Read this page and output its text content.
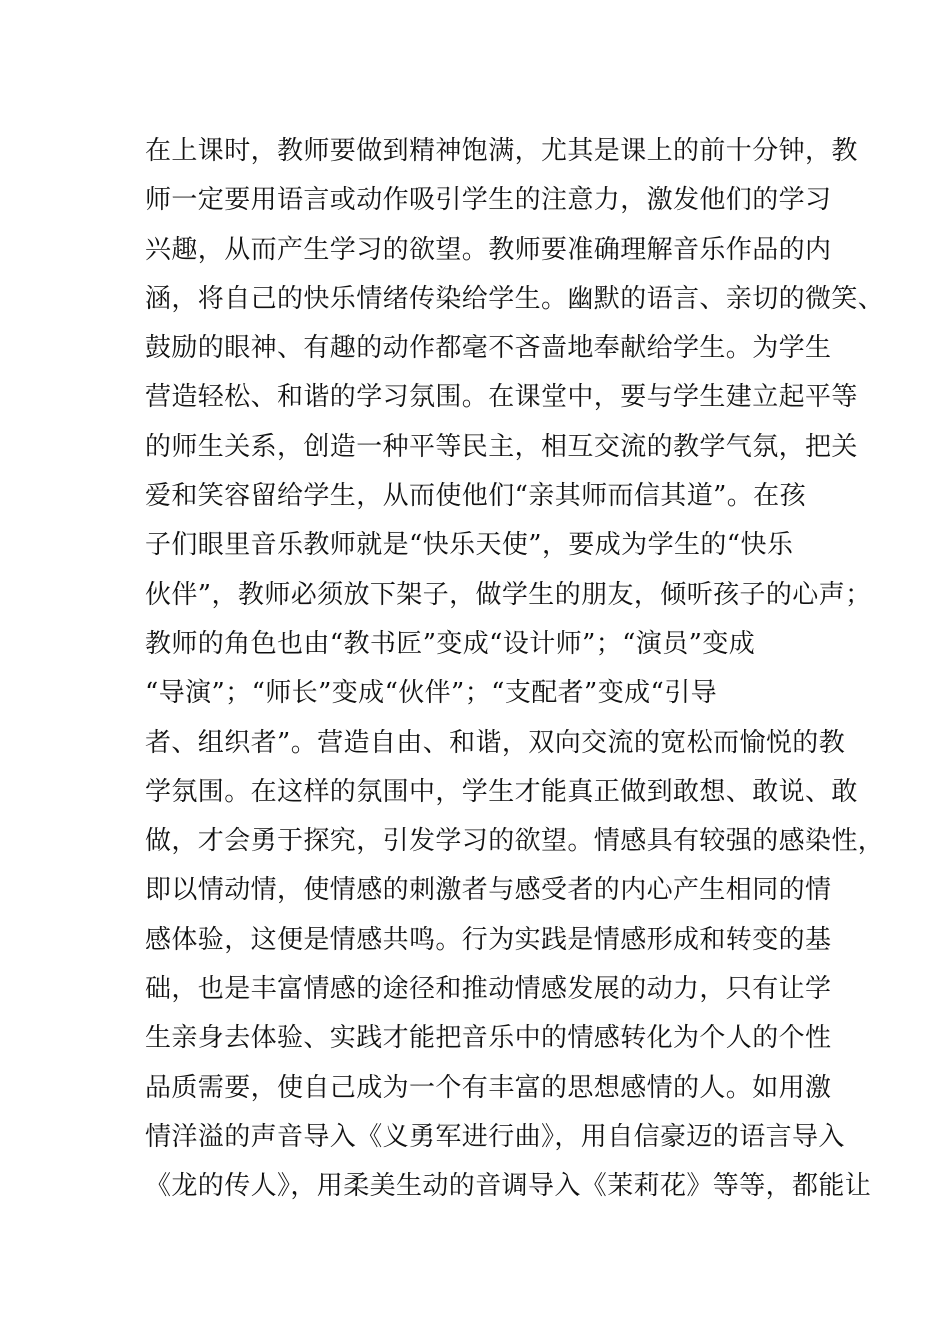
在上课时，教师要做到精神饱满，尤其是课上的前十分钟，教
师一定要用语言或动作吸引学生的注意力，激发他们的学习
兴趣，从而产生学习的欲望。教师要准确理解音乐作品的内
涵，将自己的快乐情绪传染给学生。幽默的语言、亲切的微笑、
鼓励的眼神、有趣的动作都毫不吝啬地奉献给学生。为学生
营造轻松、和谐的学习氛围。在课堂中，要与学生建立起平等
的师生关系，创造一种平等民主，相互交流的教学气氛，把关
爱和笑容留给学生，从而使他们“亲其师而信其道”。在孩
子们眼里音乐教师就是“快乐天使”，要成为学生的“快乐
伙伴”，教师必须放下架子，做学生的朋友，倾听孩子的心声；
教师的角色也由“教书匠”变成“设计师”；“演员”变成
“导演”；“师长”变成“伙伴”；“支配者”变成“引导
者、组织者”。营造自由、和谐，双向交流的宽松而愉悦的教
学氛围。在这样的氛围中，学生才能真正做到敢想、敢说、敢
做，才会勇于探究，引发学习的欲望。情感具有较强的感染性，
即以情动情，使情感的刺激者与感受者的内心产生相同的情
感体验，这便是情感共鸣。行为实践是情感形成和转变的基
础，也是丰富情感的途径和推动情感发展的动力，只有让学
生亲身去体验、实践才能把音乐中的情感转化为个人的个性
品质需要，使自己成为一个有丰富的思想感情的人。如用激
情洋溢的声音导入《义勇军进行曲》，用自信豪迈的语言导入
《龙的传人》，用柔美生动的音调导入《茉莉花》等等，都能让
